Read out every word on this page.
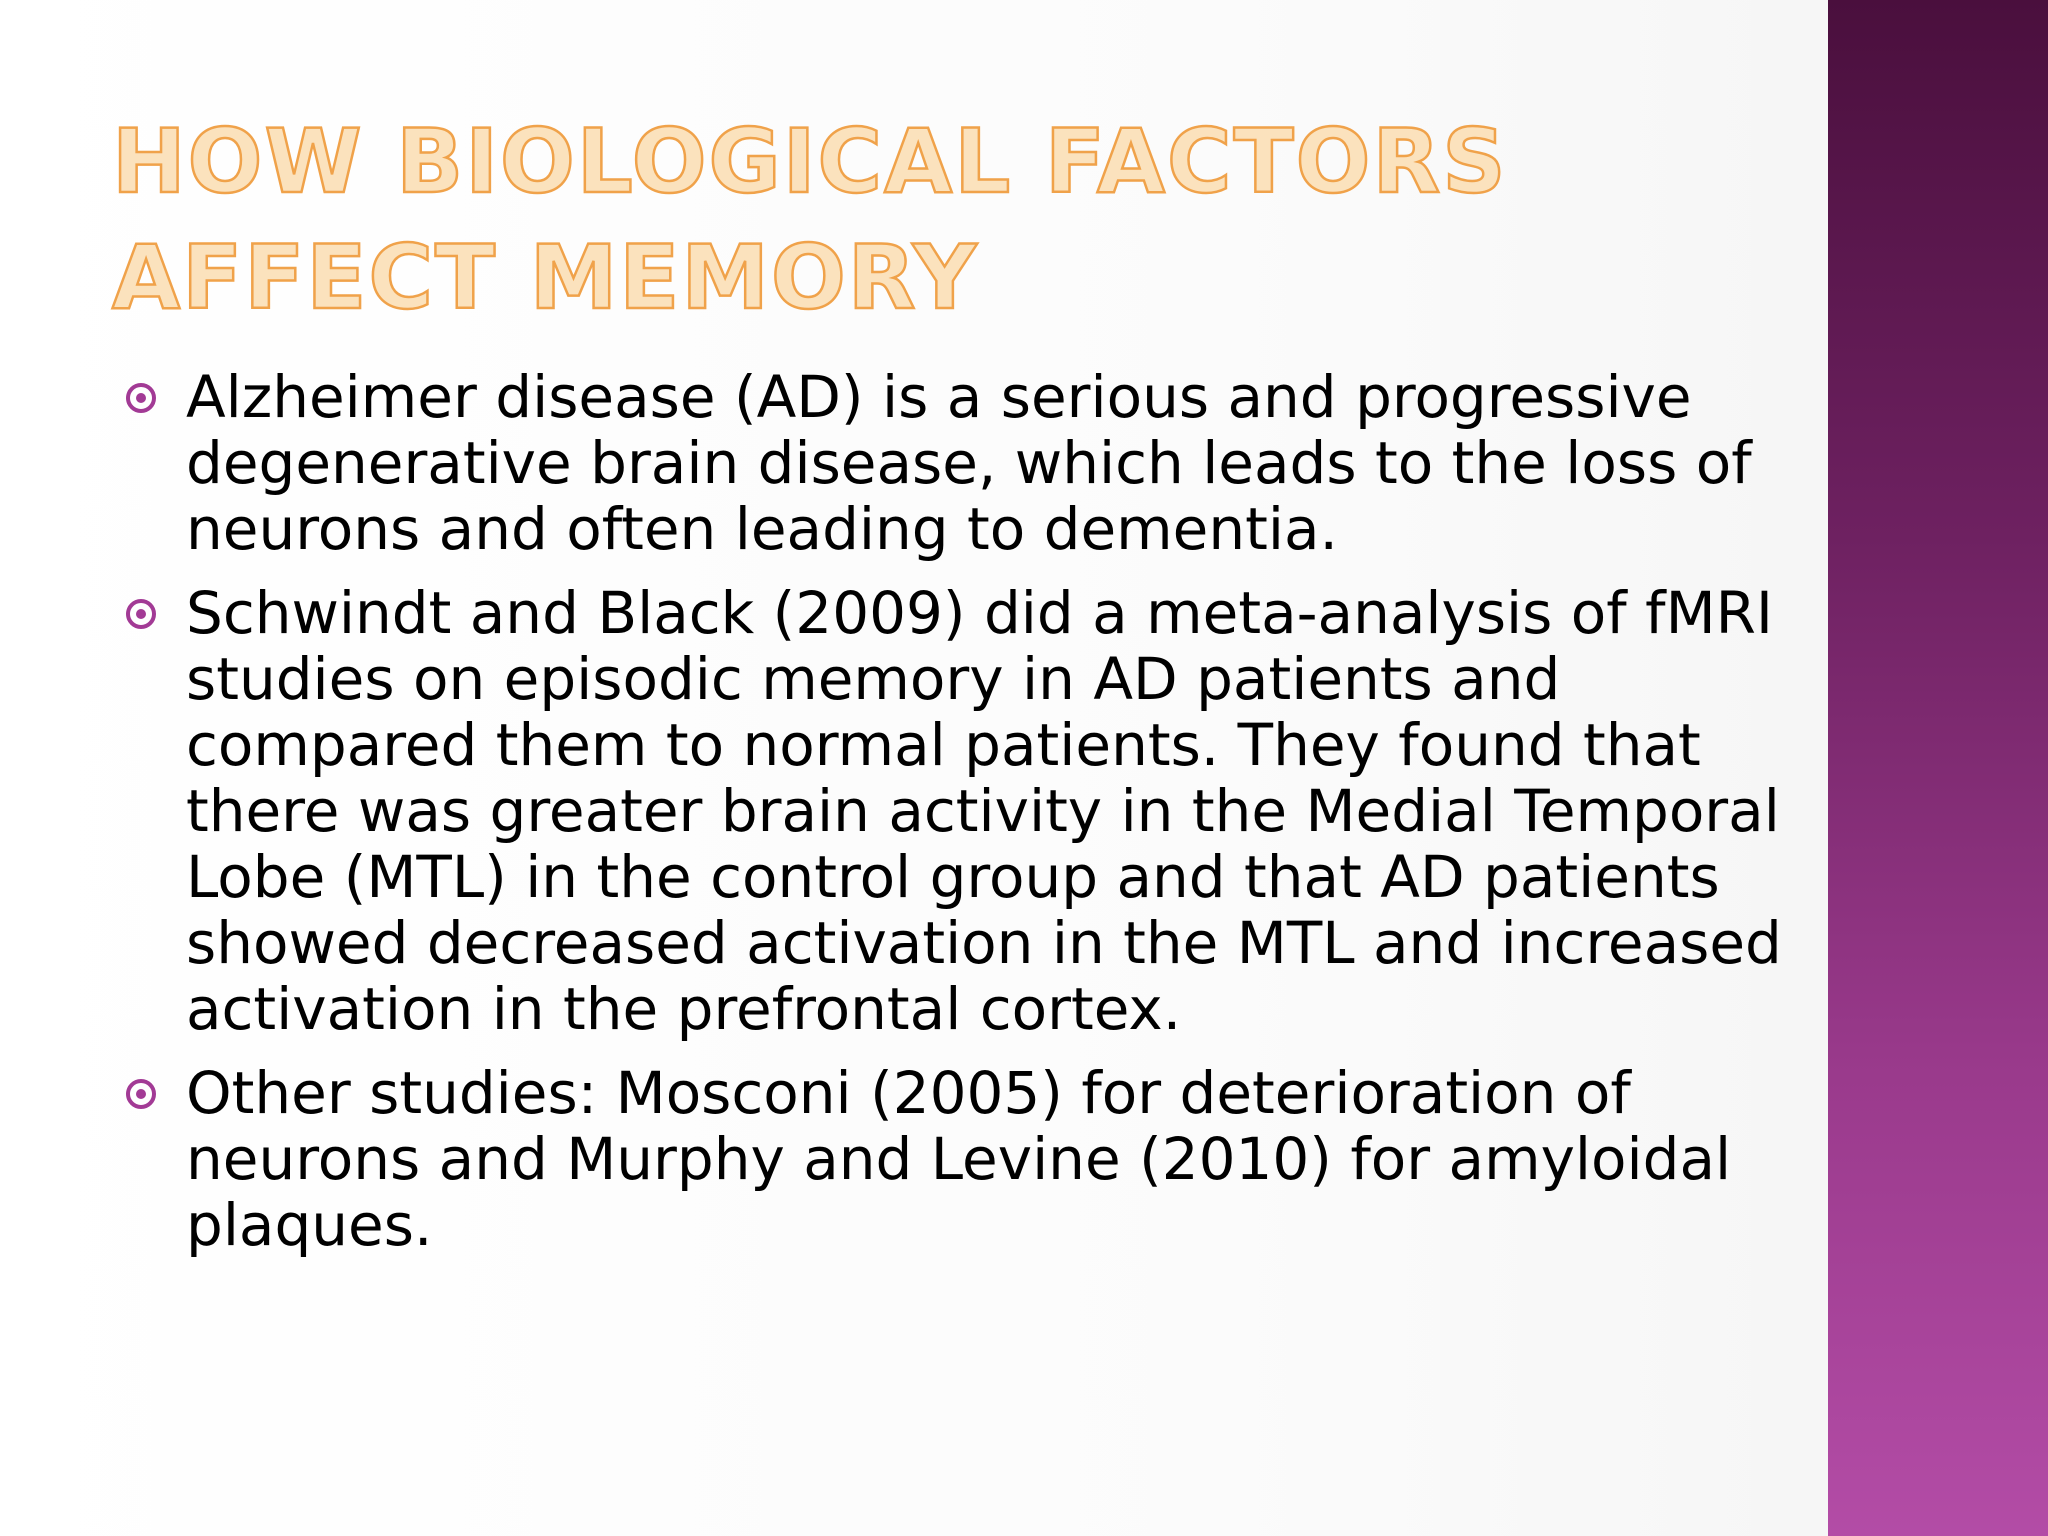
HOW BIOLOGICAL FACTORS AFFECT MEMORY
Alzheimer disease (AD) is a serious and progressive degenerative brain disease, which leads to the loss of neurons and often leading to dementia.
Schwindt and Black (2009) did a meta-analysis of fMRI studies on episodic memory in AD patients and compared them to normal patients. They found that there was greater brain activity in the Medial Temporal Lobe (MTL) in the control group and that AD patients showed decreased activation in the MTL and increased activation in the prefrontal cortex.
Other studies: Mosconi (2005) for deterioration of neurons and Murphy and Levine (2010) for amyloidal plaques.
